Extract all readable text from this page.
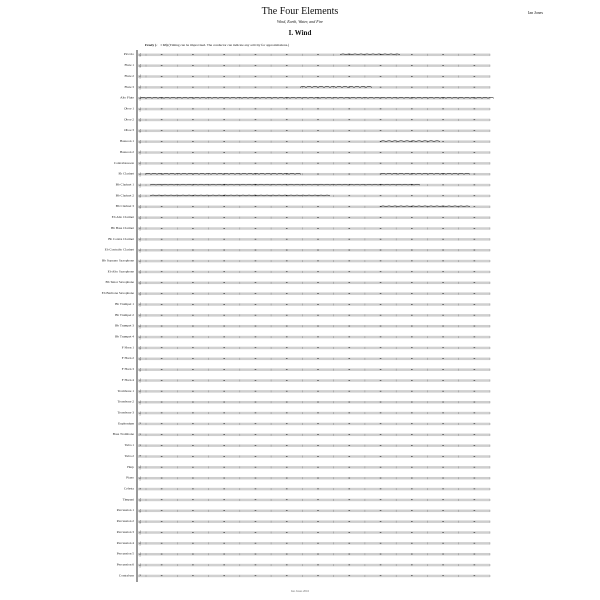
The Four Elements
Wind, Earth, Water, and Fire
Ian Jones
I. Wind
Freely (♩ = 63) (Timing can be improvised. The conductor can indicate any activity for approximations.)
Piccolo 𝄞
Flute 1 𝄞
Flute 2 𝄞
Flute 3 𝄞
Alto Flute 𝄞
Oboe 1 𝄞
Oboe 2 𝄞
Oboe 3 𝄞
Bassoon 1 𝄞
Bassoon 2 𝄞
Contrabassoon 𝄞
Eb Clarinet 𝄞
Bb Clarinet 1 𝄞
Bb Clarinet 2 𝄞
Bb Clarinet 3 𝄞
Eb Alto Clarinet 𝄞
Bb Bass Clarinet 𝄞
Bb Contra Clarinet 𝄞
Eb Contralto Clarinet 𝄞
Bb Soprano Saxophone 𝄞
Eb Alto Saxophone 𝄞
Bb Tenor Saxophone 𝄞
Eb Baritone Saxophone 𝄞
Bb Trumpet 1 𝄞
Bb Trumpet 2 𝄞
Bb Trumpet 3 𝄞
Bb Trumpet 4 𝄞
F Horn 1 𝄞
F Horn 2 𝄞
F Horn 3 𝄞
F Horn 4 𝄞
Trombone 1 𝄞
Trombone 2 𝄞
Trombone 3 𝄞
Euphonium 𝄢
Bass Trombone 𝄢
Tuba 1 𝄢
Tuba 2 𝄢
Harp 𝄞
Piano 𝄞
Celesta 𝄢
Timpani 𝄞
Percussion 1 𝄞
Percussion 2 𝄞
Percussion 3 𝄞
Percussion 4 𝄞
Percussion 5 𝄞
Percussion 6 𝄞
Contrabass 𝄢
Ian Jones 2016
